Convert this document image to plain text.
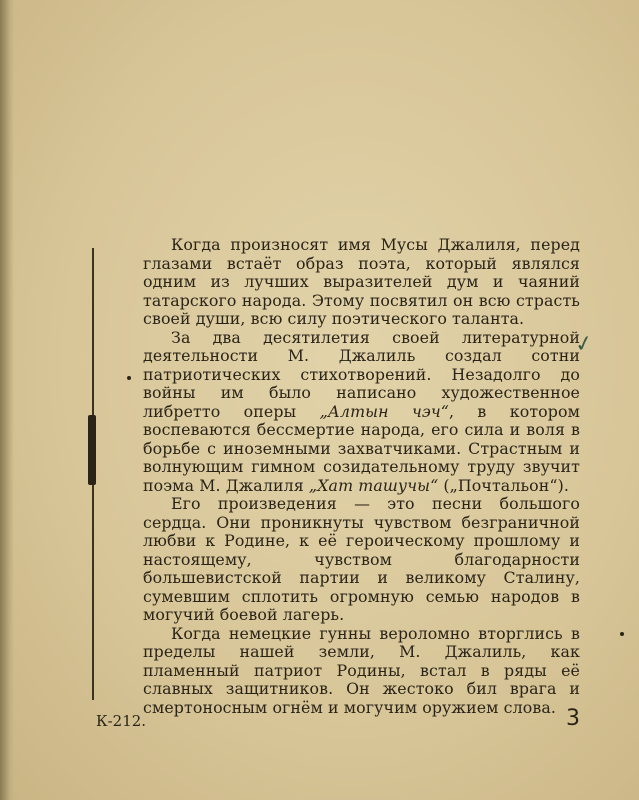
Когда произносят имя Мусы Джалиля, перед глазами встаёт образ поэта, который являлся одним из лучших выразителей дум и чаяний татарского народа. Этому посвятил он всю страсть своей души, всю силу поэтического таланта.

За два десятилетия своей литературной деятельности М. Джалиль создал сотни патриотических стихотворений. Незадолго до войны им было написано художественное либретто оперы „Алтын чэч“, в котором воспеваются бессмертие народа, его сила и воля в борьбе с иноземными захватчиками. Страстным и волнующим гимном созидательному труду звучит поэма М. Джалиля „Хат ташучы“ („Почтальон“).

Его произведения — это песни большого сердца. Они проникнуты чувством безграничной любви к Родине, к её героическому прошлому и настоящему, чувством благодарности большевистской партии и великому Сталину, сумевшим сплотить огромную семью народов в могучий боевой лагерь.

Когда немецкие гунны вероломно вторглись в пределы нашей земли, М. Джалиль, как пламенный патриот Родины, встал в ряды её славных защитников. Он жестоко бил врага и смертоносным огнём и могучим оружием слова.

✓
К-212.	3
